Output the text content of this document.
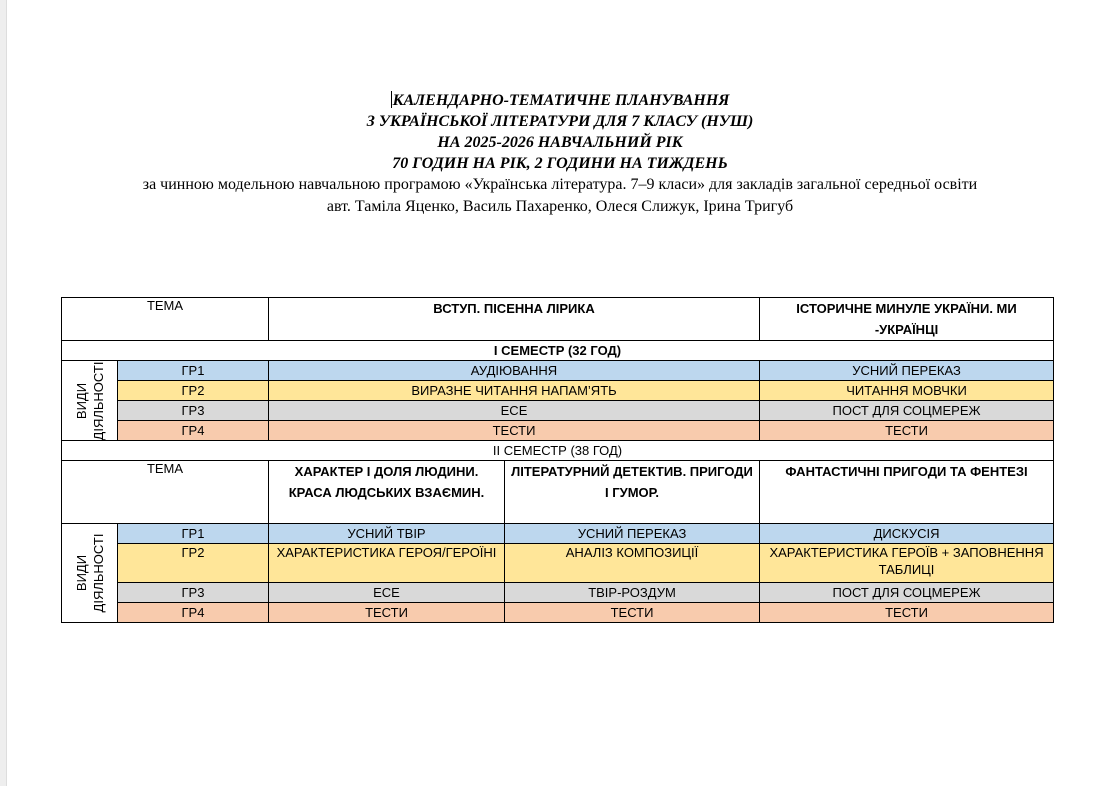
КАЛЕНДАРНО-ТЕМАТИЧНЕ ПЛАНУВАННЯ
З УКРАЇНСЬКОЇ ЛІТЕРАТУРИ ДЛЯ 7 КЛАСУ (НУШ)
НА 2025-2026 НАВЧАЛЬНИЙ РІК
70 ГОДИН НА РІК, 2 ГОДИНИ НА ТИЖДЕНЬ
за чинною модельною навчальною програмою «Українська література. 7–9 класи» для закладів загальної середньої освіти
авт. Таміла Яценко, Василь Пахаренко, Олеся Слижук, Ірина Тригуб
ТЕМА		ВСТУП. ПІСЕННА ЛІРИКА		ІСТОРИЧНЕ МИНУЛЕ УКРАЇНИ. МИ -УКРАЇНЦІ
І СЕМЕСТР (32 ГОД)				

ВИДИ ДІЯЛЬНОСТІ	ГР1	АУДІЮВАННЯ		УСНИЙ ПЕРЕКАЗ
	ГР2	ВИРАЗНЕ ЧИТАННЯ НАПАМ’ЯТЬ		ЧИТАННЯ МОВЧКИ
	ГР3	ЕСЕ		ПОСТ ДЛЯ СОЦМЕРЕЖ
	ГР4	ТЕСТИ		ТЕСТИ
ІІ СЕМЕСТР (38 ГОД)				
ТЕМА		ХАРАКТЕР І ДОЛЯ ЛЮДИНИ. КРАСА ЛЮДСЬКИХ ВЗАЄМИН.	ЛІТЕРАТУРНИЙ ДЕТЕКТИВ. ПРИГОДИ І ГУМОР.	ФАНТАСТИЧНІ ПРИГОДИ ТА ФЕНТЕЗІ

ВИДИ ДІЯЛЬНОСТІ	ГР1	УСНИЙ ТВІР	УСНИЙ ПЕРЕКАЗ	ДИСКУСІЯ
	ГР2	ХАРАКТЕРИСТИКА ГЕРОЯ/ГЕРОЇНІ	АНАЛІЗ КОМПОЗИЦІЇ	ХАРАКТЕРИСТИКА ГЕРОЇВ + ЗАПОВНЕННЯ ТАБЛИЦІ
	ГР3	ЕСЕ	ТВІР-РОЗДУМ	ПОСТ ДЛЯ СОЦМЕРЕЖ
	ГР4	ТЕСТИ	ТЕСТИ	ТЕСТИ
